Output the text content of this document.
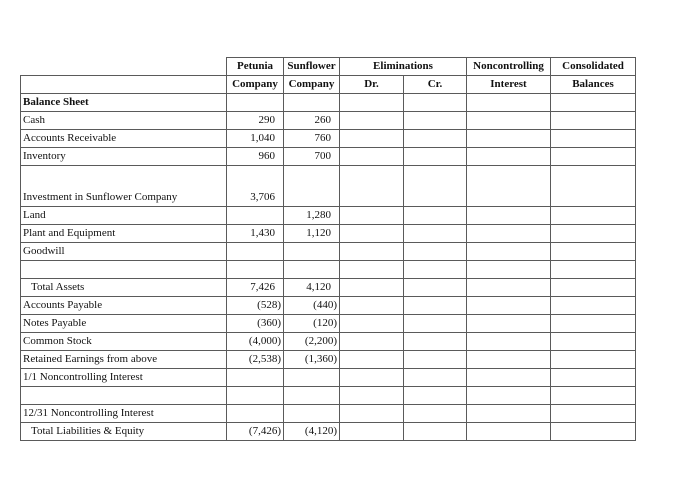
	Petunia	Sunflower	Eliminations		Noncontrolling	Consolidated
	Company	Company	Dr.	Cr.	Interest	Balances
Balance Sheet						
Cash	290	260				
Accounts Receivable	1,040	760				
Inventory	960	700				
Investment in Sunflower Company	3,706					
Land		1,280				
Plant and Equipment	1,430	1,120				
Goodwill						

Total Assets	7,426	4,120				
Accounts Payable	(528)	(440)				
Notes Payable	(360)	(120)				
Common Stock	(4,000)	(2,200)				
Retained Earnings from above	(2,538)	(1,360)				
1/1 Noncontrolling Interest						

12/31 Noncontrolling Interest						
Total Liabilities & Equity	(7,426)	(4,120)				
